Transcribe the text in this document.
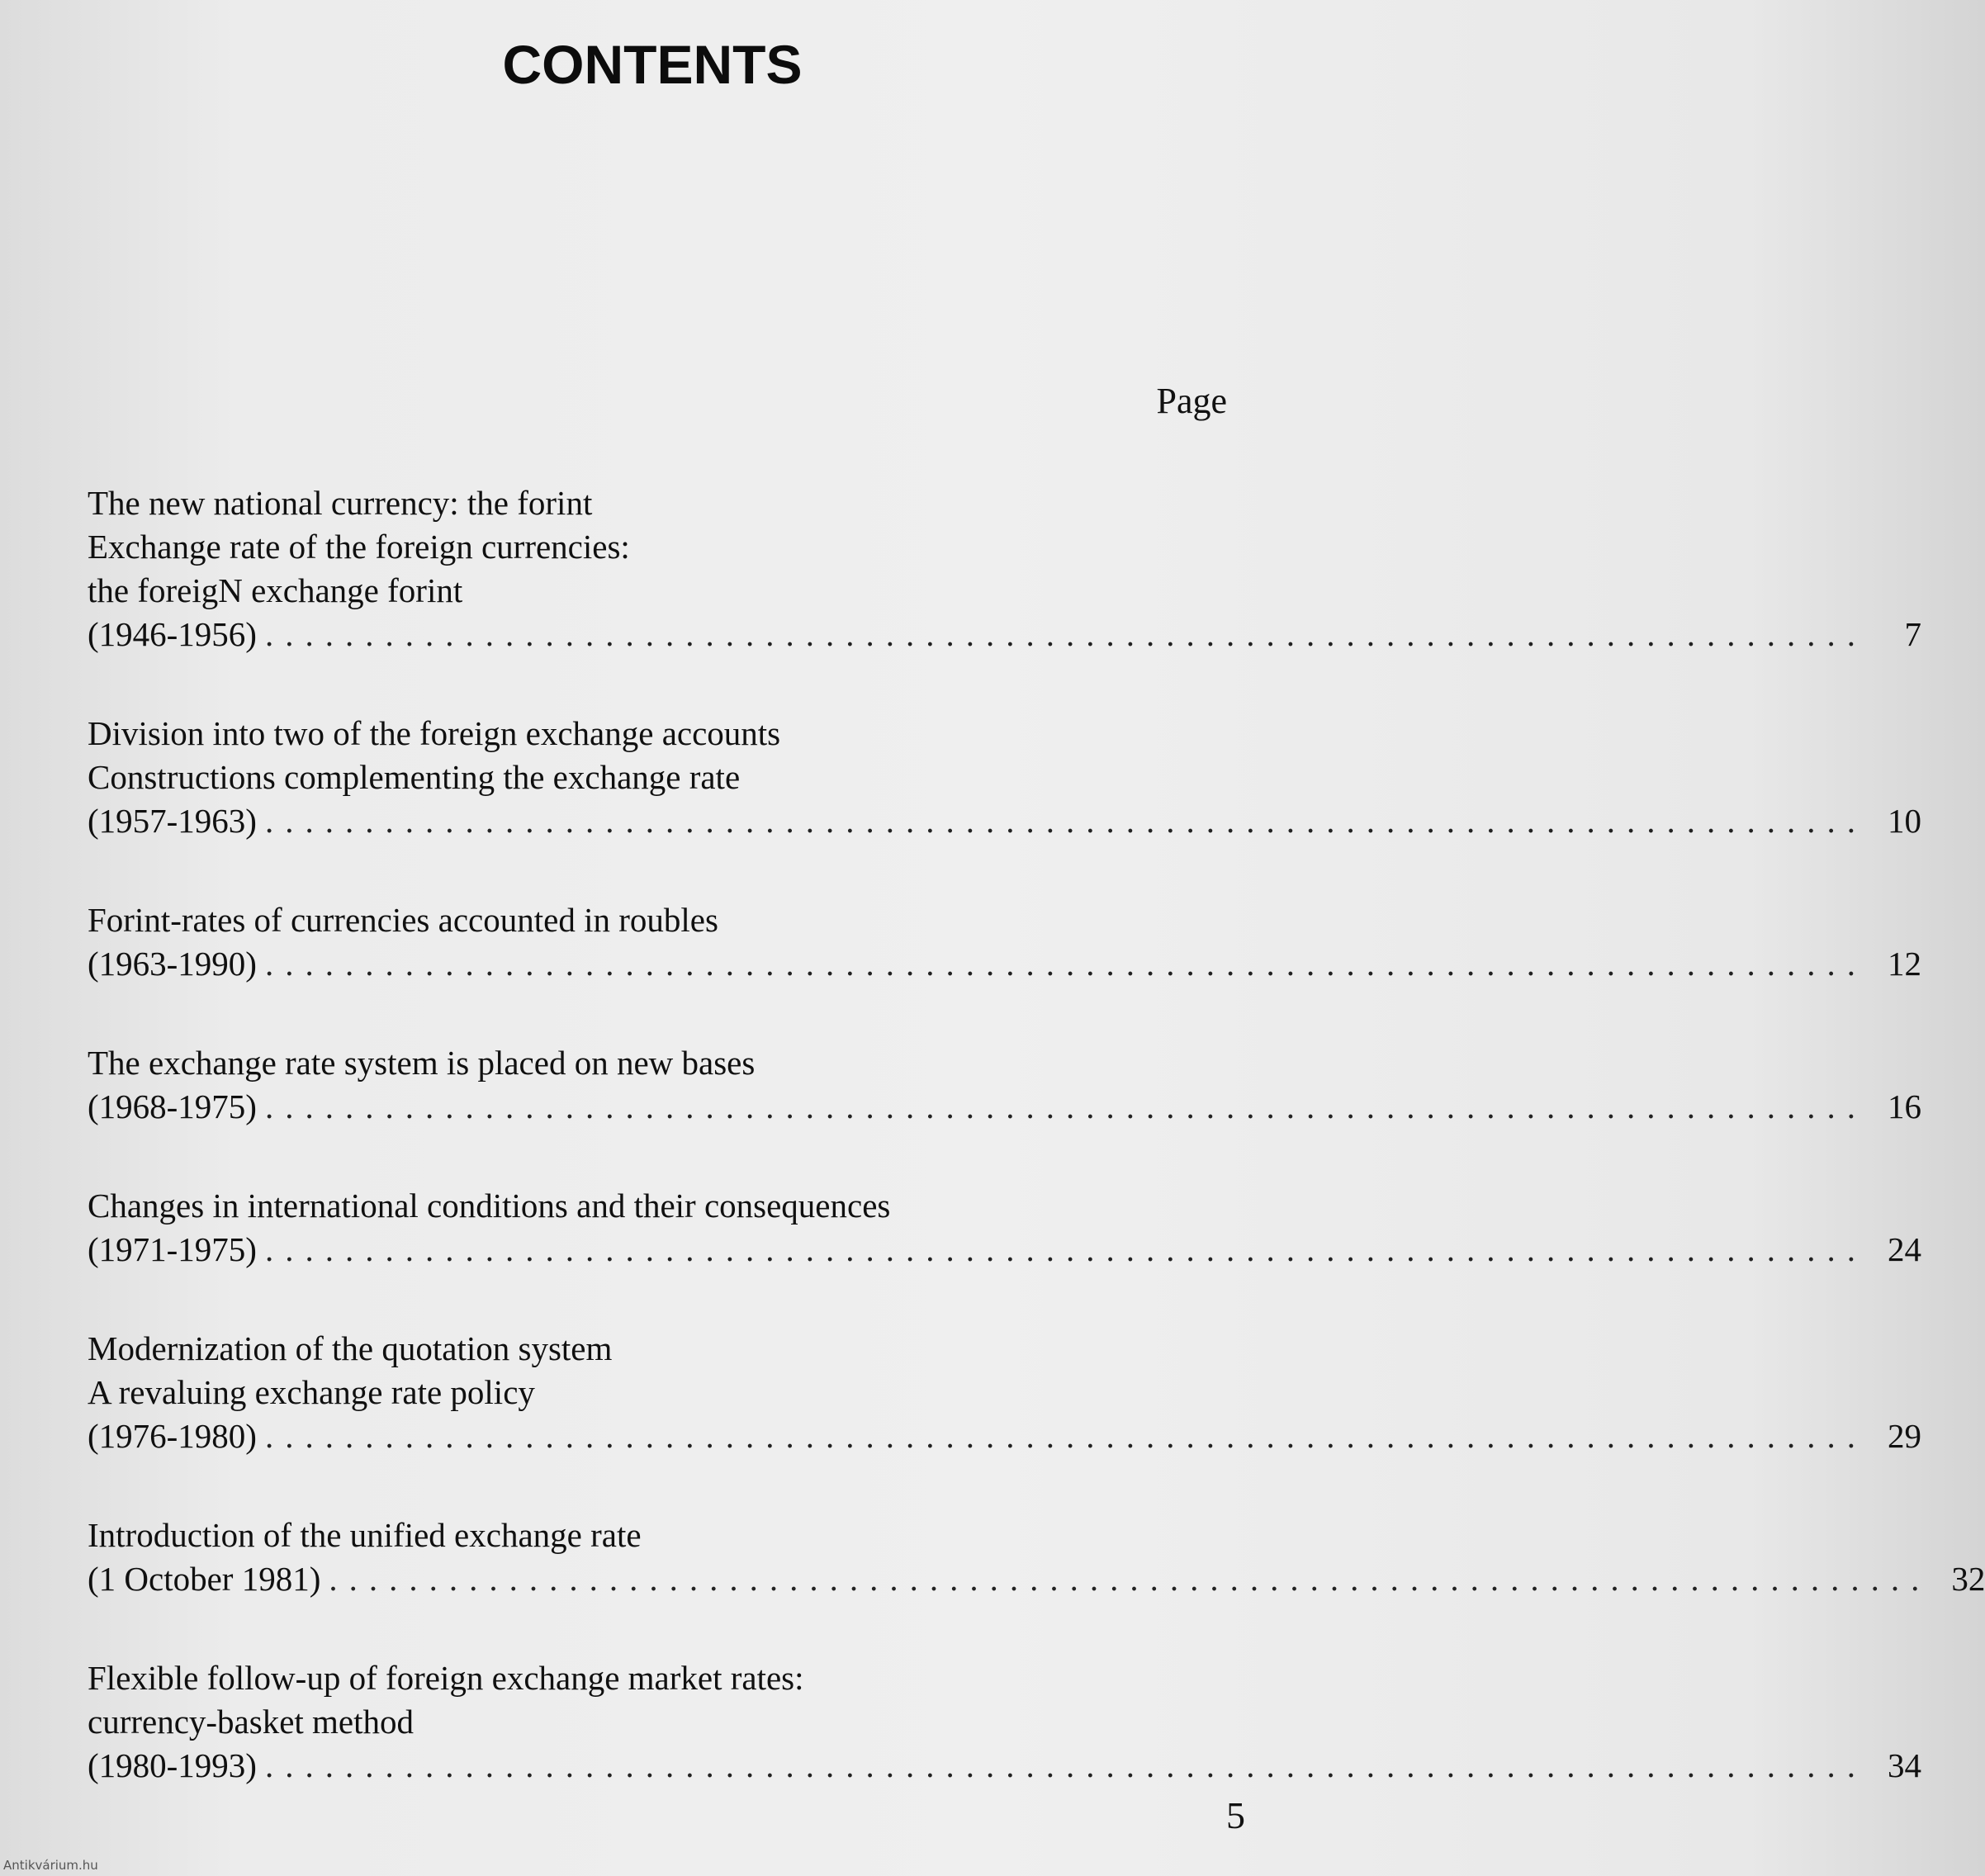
CONTENTS
Page
The new national currency: the forint
Exchange rate of the foreign currencies:
the foreigN exchange forint
(1946-1956) ................................................................................	7
Division into two of the foreign exchange accounts
Constructions complementing the exchange rate
(1957-1963) ................................................................................ 10
Forint-rates of currencies accounted in roubles
(1963-1990) ................................................................................ 12
The exchange rate system is placed on new bases
(1968-1975) ................................................................................ 16
Changes in international conditions and their consequences
(1971-1975) ................................................................................ 24
Modernization of the quotation system
A revaluing exchange rate policy
(1976-1980) ................................................................................ 29
Introduction of the unified exchange rate
(1 October 1981) ................................................................................ 32
Flexible follow-up of foreign exchange market rates:
currency-basket method
(1980-1993) ................................................................................ 34
5
Antikvárium.hu
